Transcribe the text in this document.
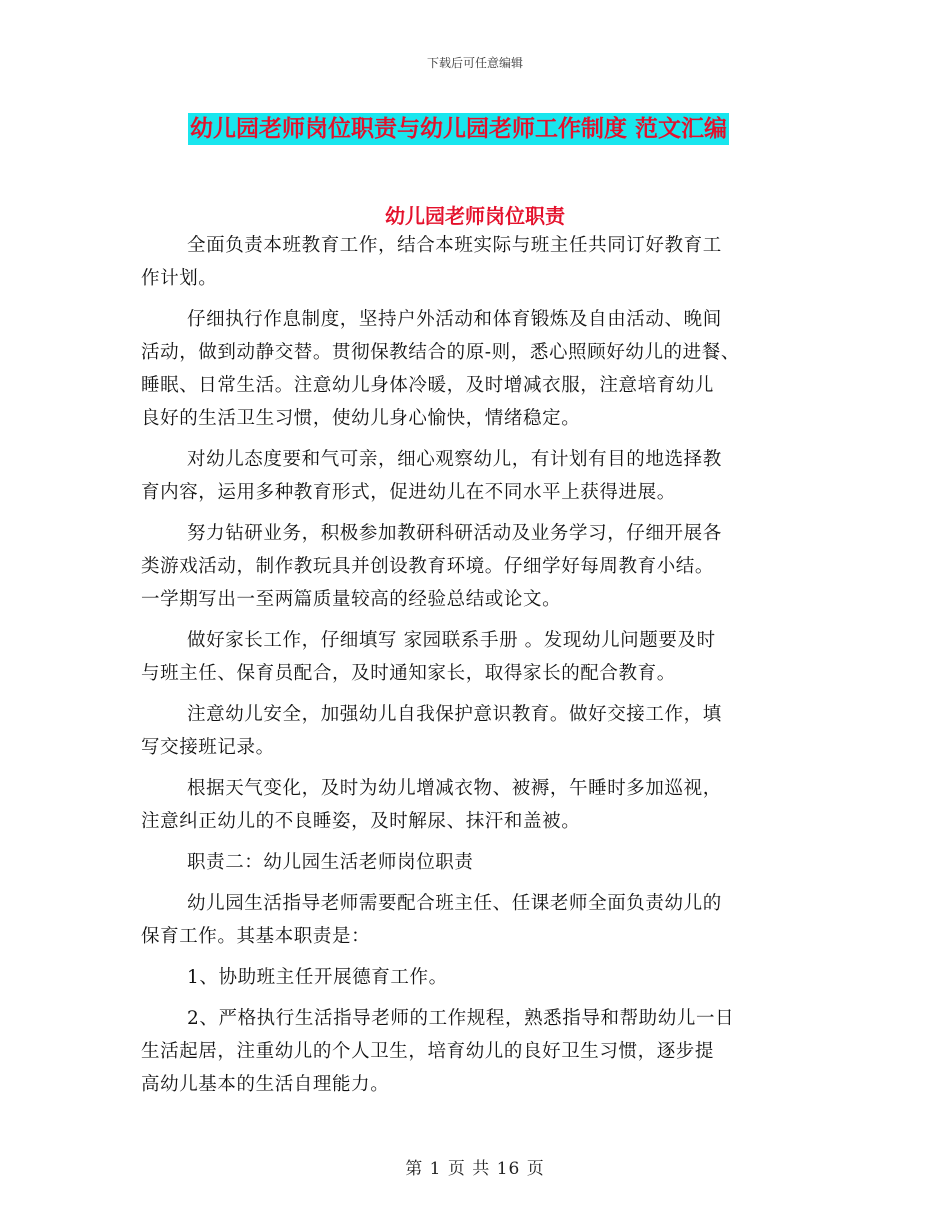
下载后可任意编辑
幼儿园老师岗位职责与幼儿园老师工作制度 范文汇编
幼儿园老师岗位职责
全面负责本班教育工作，结合本班实际与班主任共同订好教育工
作计划。
仔细执行作息制度，坚持户外活动和体育锻炼及自由活动、晚间
活动，做到动静交替。贯彻保教结合的原-则，悉心照顾好幼儿的进餐、
睡眠、日常生活。注意幼儿身体冷暖，及时增减衣服，注意培育幼儿
良好的生活卫生习惯，使幼儿身心愉快，情绪稳定。
对幼儿态度要和气可亲，细心观察幼儿，有计划有目的地选择教
育内容，运用多种教育形式，促进幼儿在不同水平上获得进展。
努力钻研业务，积极参加教研科研活动及业务学习，仔细开展各
类游戏活动，制作教玩具并创设教育环境。仔细学好每周教育小结。
一学期写出一至两篇质量较高的经验总结或论文。
做好家长工作，仔细填写 家园联系手册 。发现幼儿问题要及时
与班主任、保育员配合，及时通知家长，取得家长的配合教育。
注意幼儿安全，加强幼儿自我保护意识教育。做好交接工作，填
写交接班记录。
根据天气变化，及时为幼儿增减衣物、被褥，午睡时多加巡视，
注意纠正幼儿的不良睡姿，及时解尿、抹汗和盖被。
职责二：幼儿园生活老师岗位职责
幼儿园生活指导老师需要配合班主任、任课老师全面负责幼儿的
保育工作。其基本职责是：
1、协助班主任开展德育工作。
2、严格执行生活指导老师的工作规程，熟悉指导和帮助幼儿一日
生活起居，注重幼儿的个人卫生，培育幼儿的良好卫生习惯，逐步提
高幼儿基本的生活自理能力。
第 1 页 共 16 页
